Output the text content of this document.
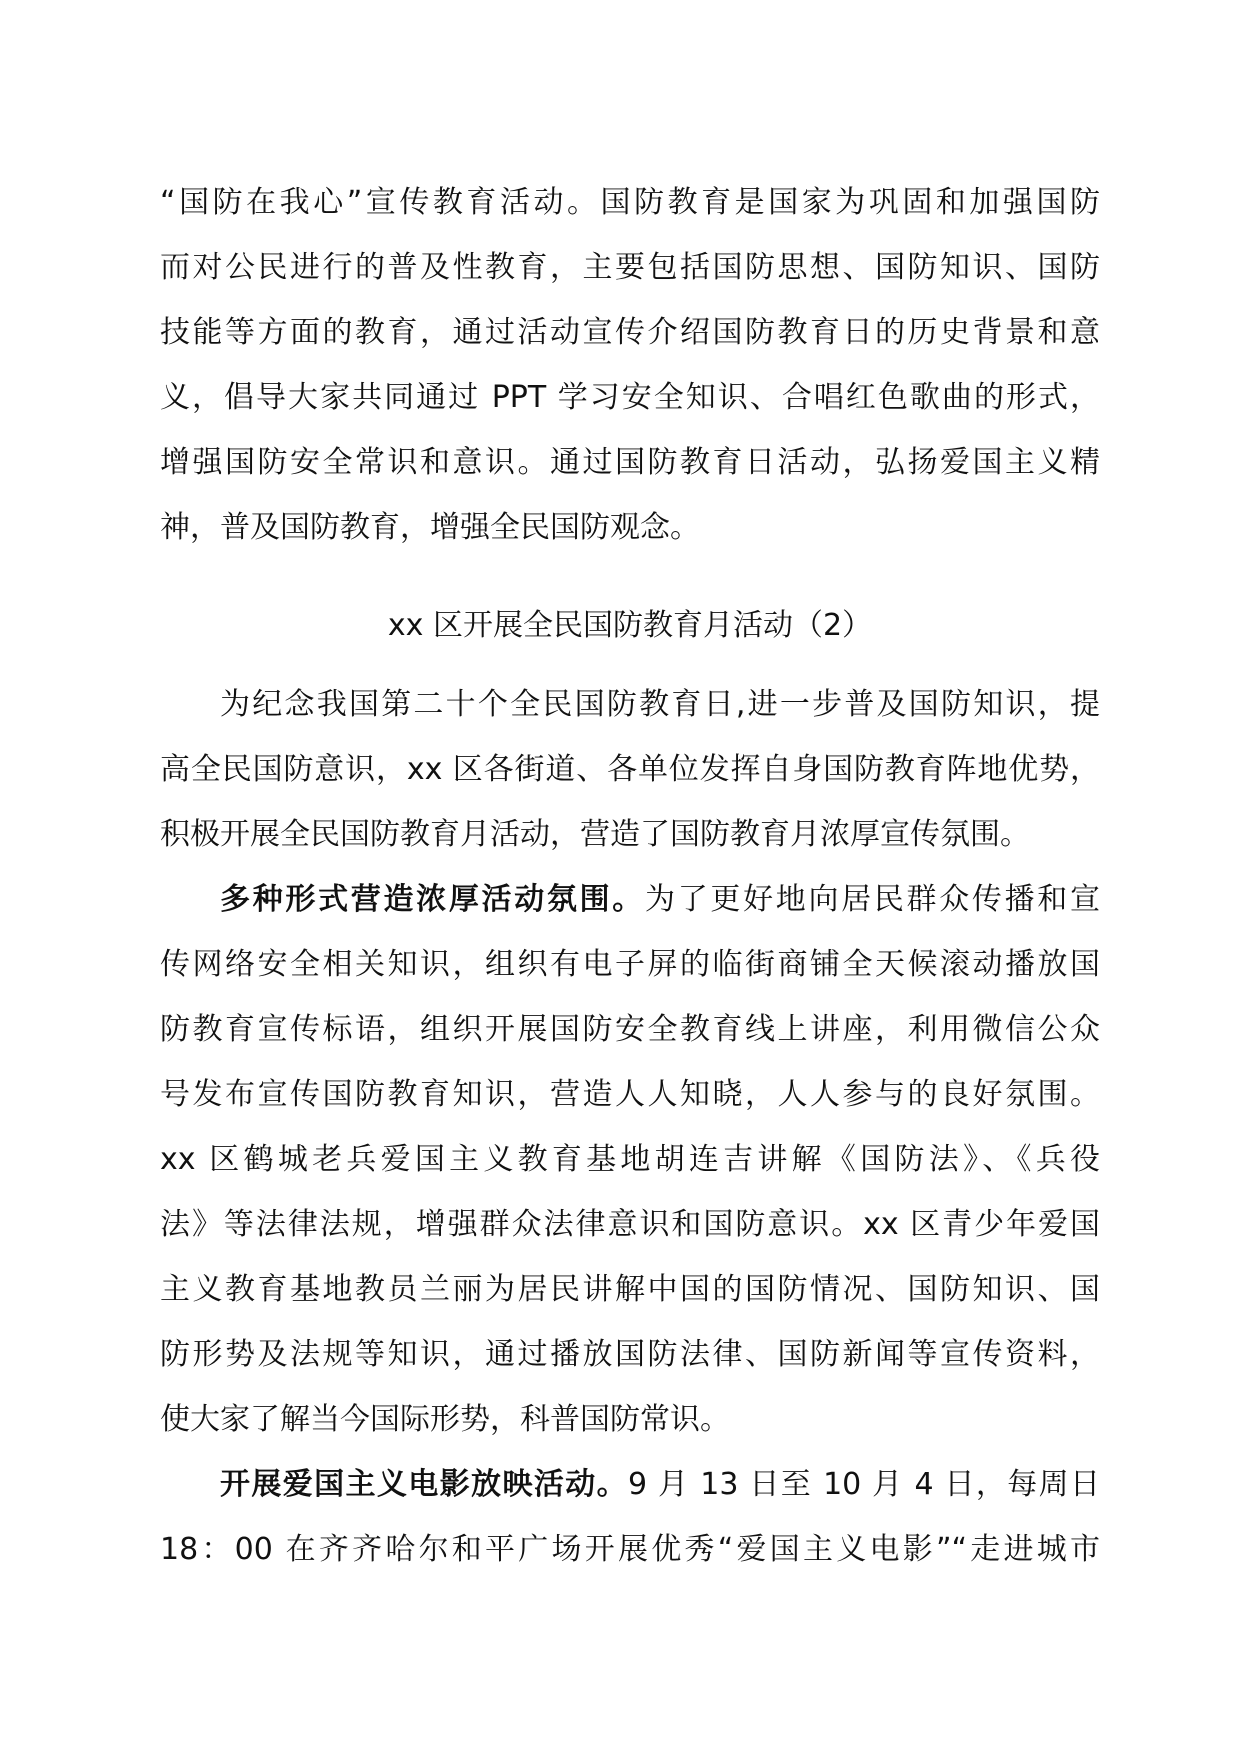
“国防在我心”宣传教育活动。国防教育是国家为巩固和加强国防
而对公民进行的普及性教育，主要包括国防思想、国防知识、国防
技能等方面的教育，通过活动宣传介绍国防教育日的历史背景和意
义，倡导大家共同通过 PPT 学习安全知识、合唱红色歌曲的形式，
增强国防安全常识和意识。通过国防教育日活动，弘扬爱国主义精
神，普及国防教育，增强全民国防观念。
xx 区开展全民国防教育月活动（2）
为纪念我国第二十个全民国防教育日,进一步普及国防知识，提
高全民国防意识，xx 区各街道、各单位发挥自身国防教育阵地优势，
积极开展全民国防教育月活动，营造了国防教育月浓厚宣传氛围。
多种形式营造浓厚活动氛围。为了更好地向居民群众传播和宣
传网络安全相关知识，组织有电子屏的临街商铺全天候滚动播放国
防教育宣传标语，组织开展国防安全教育线上讲座，利用微信公众
号发布宣传国防教育知识，营造人人知晓，人人参与的良好氛围。
xx 区鹤城老兵爱国主义教育基地胡连吉讲解《国防法》、《兵役
法》等法律法规，增强群众法律意识和国防意识。xx 区青少年爱国
主义教育基地教员兰丽为居民讲解中国的国防情况、国防知识、国
防形势及法规等知识，通过播放国防法律、国防新闻等宣传资料，
使大家了解当今国际形势，科普国防常识。
开展爱国主义电影放映活动。9 月 13 日至 10 月 4 日，每周日
18：00 在齐齐哈尔和平广场开展优秀“爱国主义电影”“走进城市
